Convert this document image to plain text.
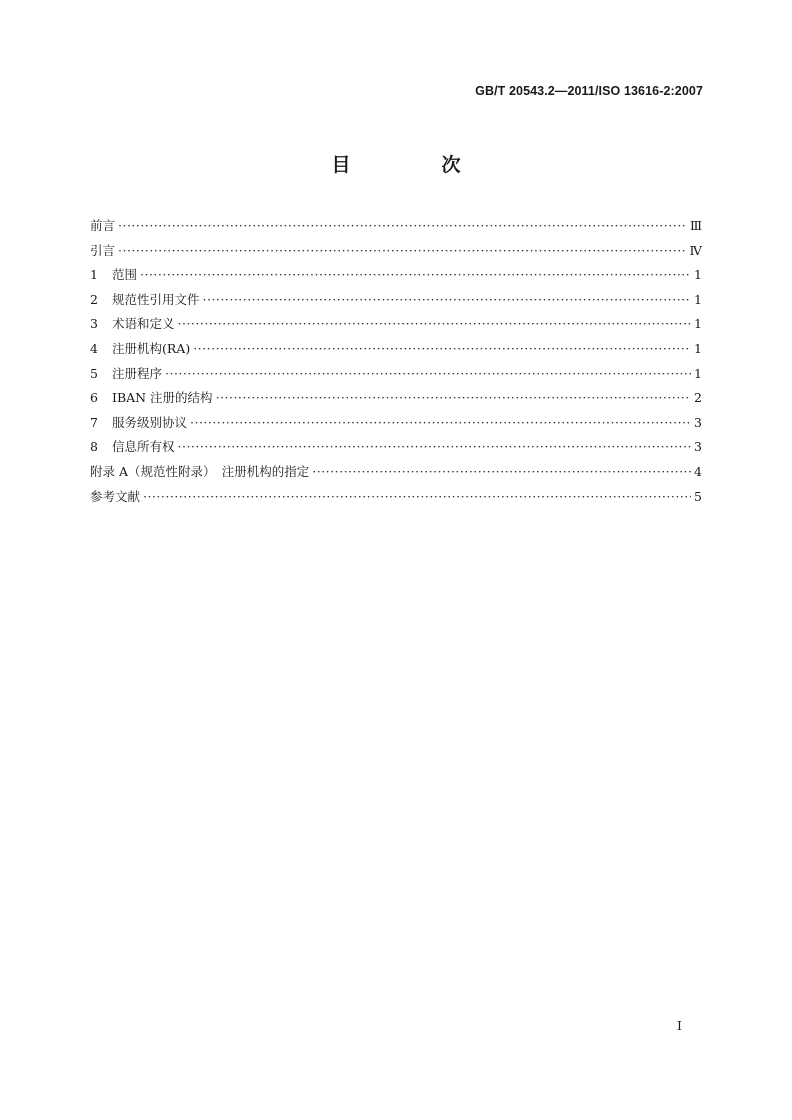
GB/T 20543.2—2011/ISO 13616-2:2007
目　次
前言 ·····	Ⅲ
引言 ·····	Ⅳ
1 范围 ·····	1
2 规范性引用文件 ·····	1
3 术语和定义 ·····	1
4 注册机构(RA) ·····	1
5 注册程序 ·····	1
6 IBAN 注册的结构 ·····	2
7 服务级别协议 ·····	3
8 信息所有权 ·····	3
附录 A（规范性附录）　注册机构的指定 ·····	4
参考文献 ·····	5
I
